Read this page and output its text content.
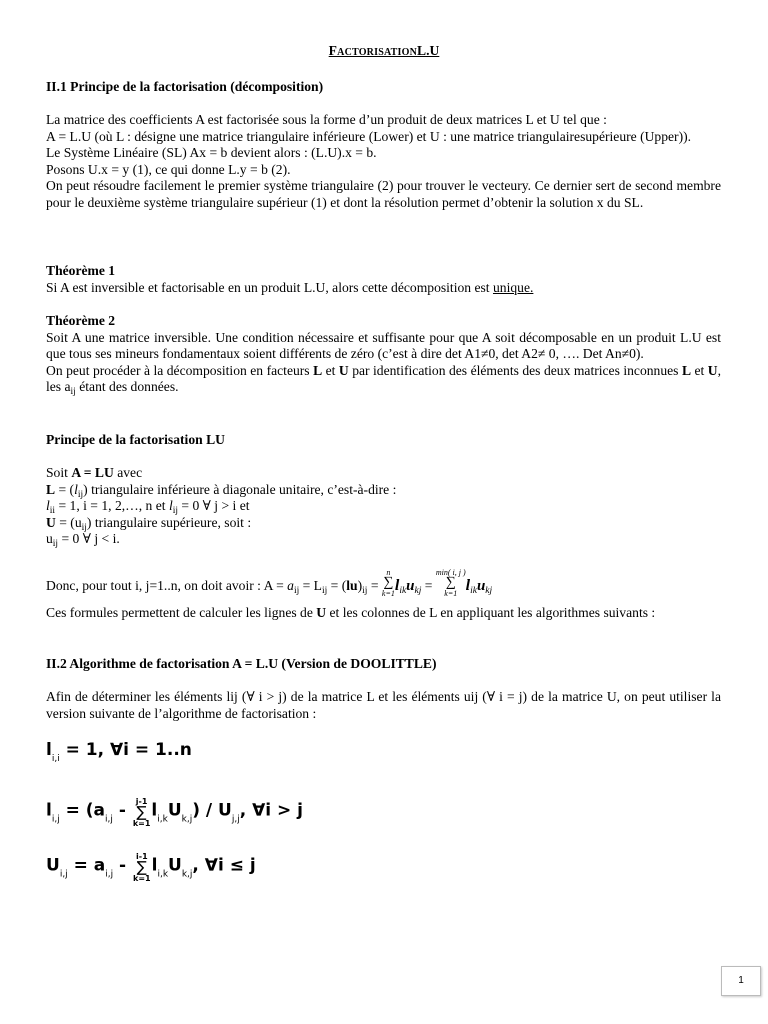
FactorisationL.U
II.1 Principe de la factorisation (décomposition)

La matrice des coefficients A est factorisée sous la forme d’un produit de deux matrices L et U tel que :

A = L.U (où L : désigne une matrice triangulaire inférieure (Lower) et U : une matrice triangulairesupérieure (Upper)).

Le Système Linéaire (SL) Ax = b devient alors : (L.U).x = b.

Posons U.x = y (1), ce qui donne L.y = b (2).

On peut résoudre facilement le premier système triangulaire (2) pour trouver le vecteury. Ce dernier sert de second membre pour le deuxième système triangulaire supérieur (1) et dont la résolution permet d’obtenir la solution x du SL.

Théorème 1

Si A est inversible et factorisable en un produit L.U, alors cette décomposition est unique.

Théorème 2

Soit A une matrice inversible. Une condition nécessaire et suffisante pour que A soit décomposable en un produit L.U est que tous ses mineurs fondamentaux soient différents de zéro (c’est à dire det A1≠0, det A2≠ 0, …. Det An≠0).

On peut procéder à la décomposition en facteurs L et U par identification des éléments des deux matrices inconnues L et U, les $a_{ij}$ étant des données.

Principe de la factorisation LU

Soit A = LU avec

$L = (l_{ij})$ triangulaire inférieure à diagonale unitaire, c’est-à-dire :

$l_{ii} = 1$, i = 1, 2,…, n et $l_{ij} = 0$ ∀ j > i et

$U = (u_{ij})$ triangulaire supérieure, soit :

$u_{ij} = 0$ ∀ j < i.

Donc, pour tout i, j=1..n, on doit avoir : $A = a_{ij} = L_{ij} = (lu)_{ij}$ =
n
∑
k=1 $l_{ik}u_{kj}$ =
min( i, j )
∑
k=1 $l_{ik}u_{kj}$
Ces formules permettent de calculer les lignes de U et les colonnes de L en appliquant les algorithmes suivants :
II.2 Algorithme de factorisation A = L.U (Version de DOOLITTLE)
Afin de déterminer les éléments lij (∀ i > j) de la matrice L et les éléments uij (∀ i = j) de la matrice U, on peut utiliser la version suivante de l’algorithme de factorisation :
$l_{i,i} = 1$, ∀i = 1..n
$l_{i,j} = (a_{i,j} - j-1$
∑
k=1
$l_{i,k}U_{k,j}) / U_{j,j}$, ∀i > j
$U_{i,j} = a_{i,j} - i-1$
∑
k=1
$l_{i,k}U_{k,j}$, ∀i ≤ j
1
